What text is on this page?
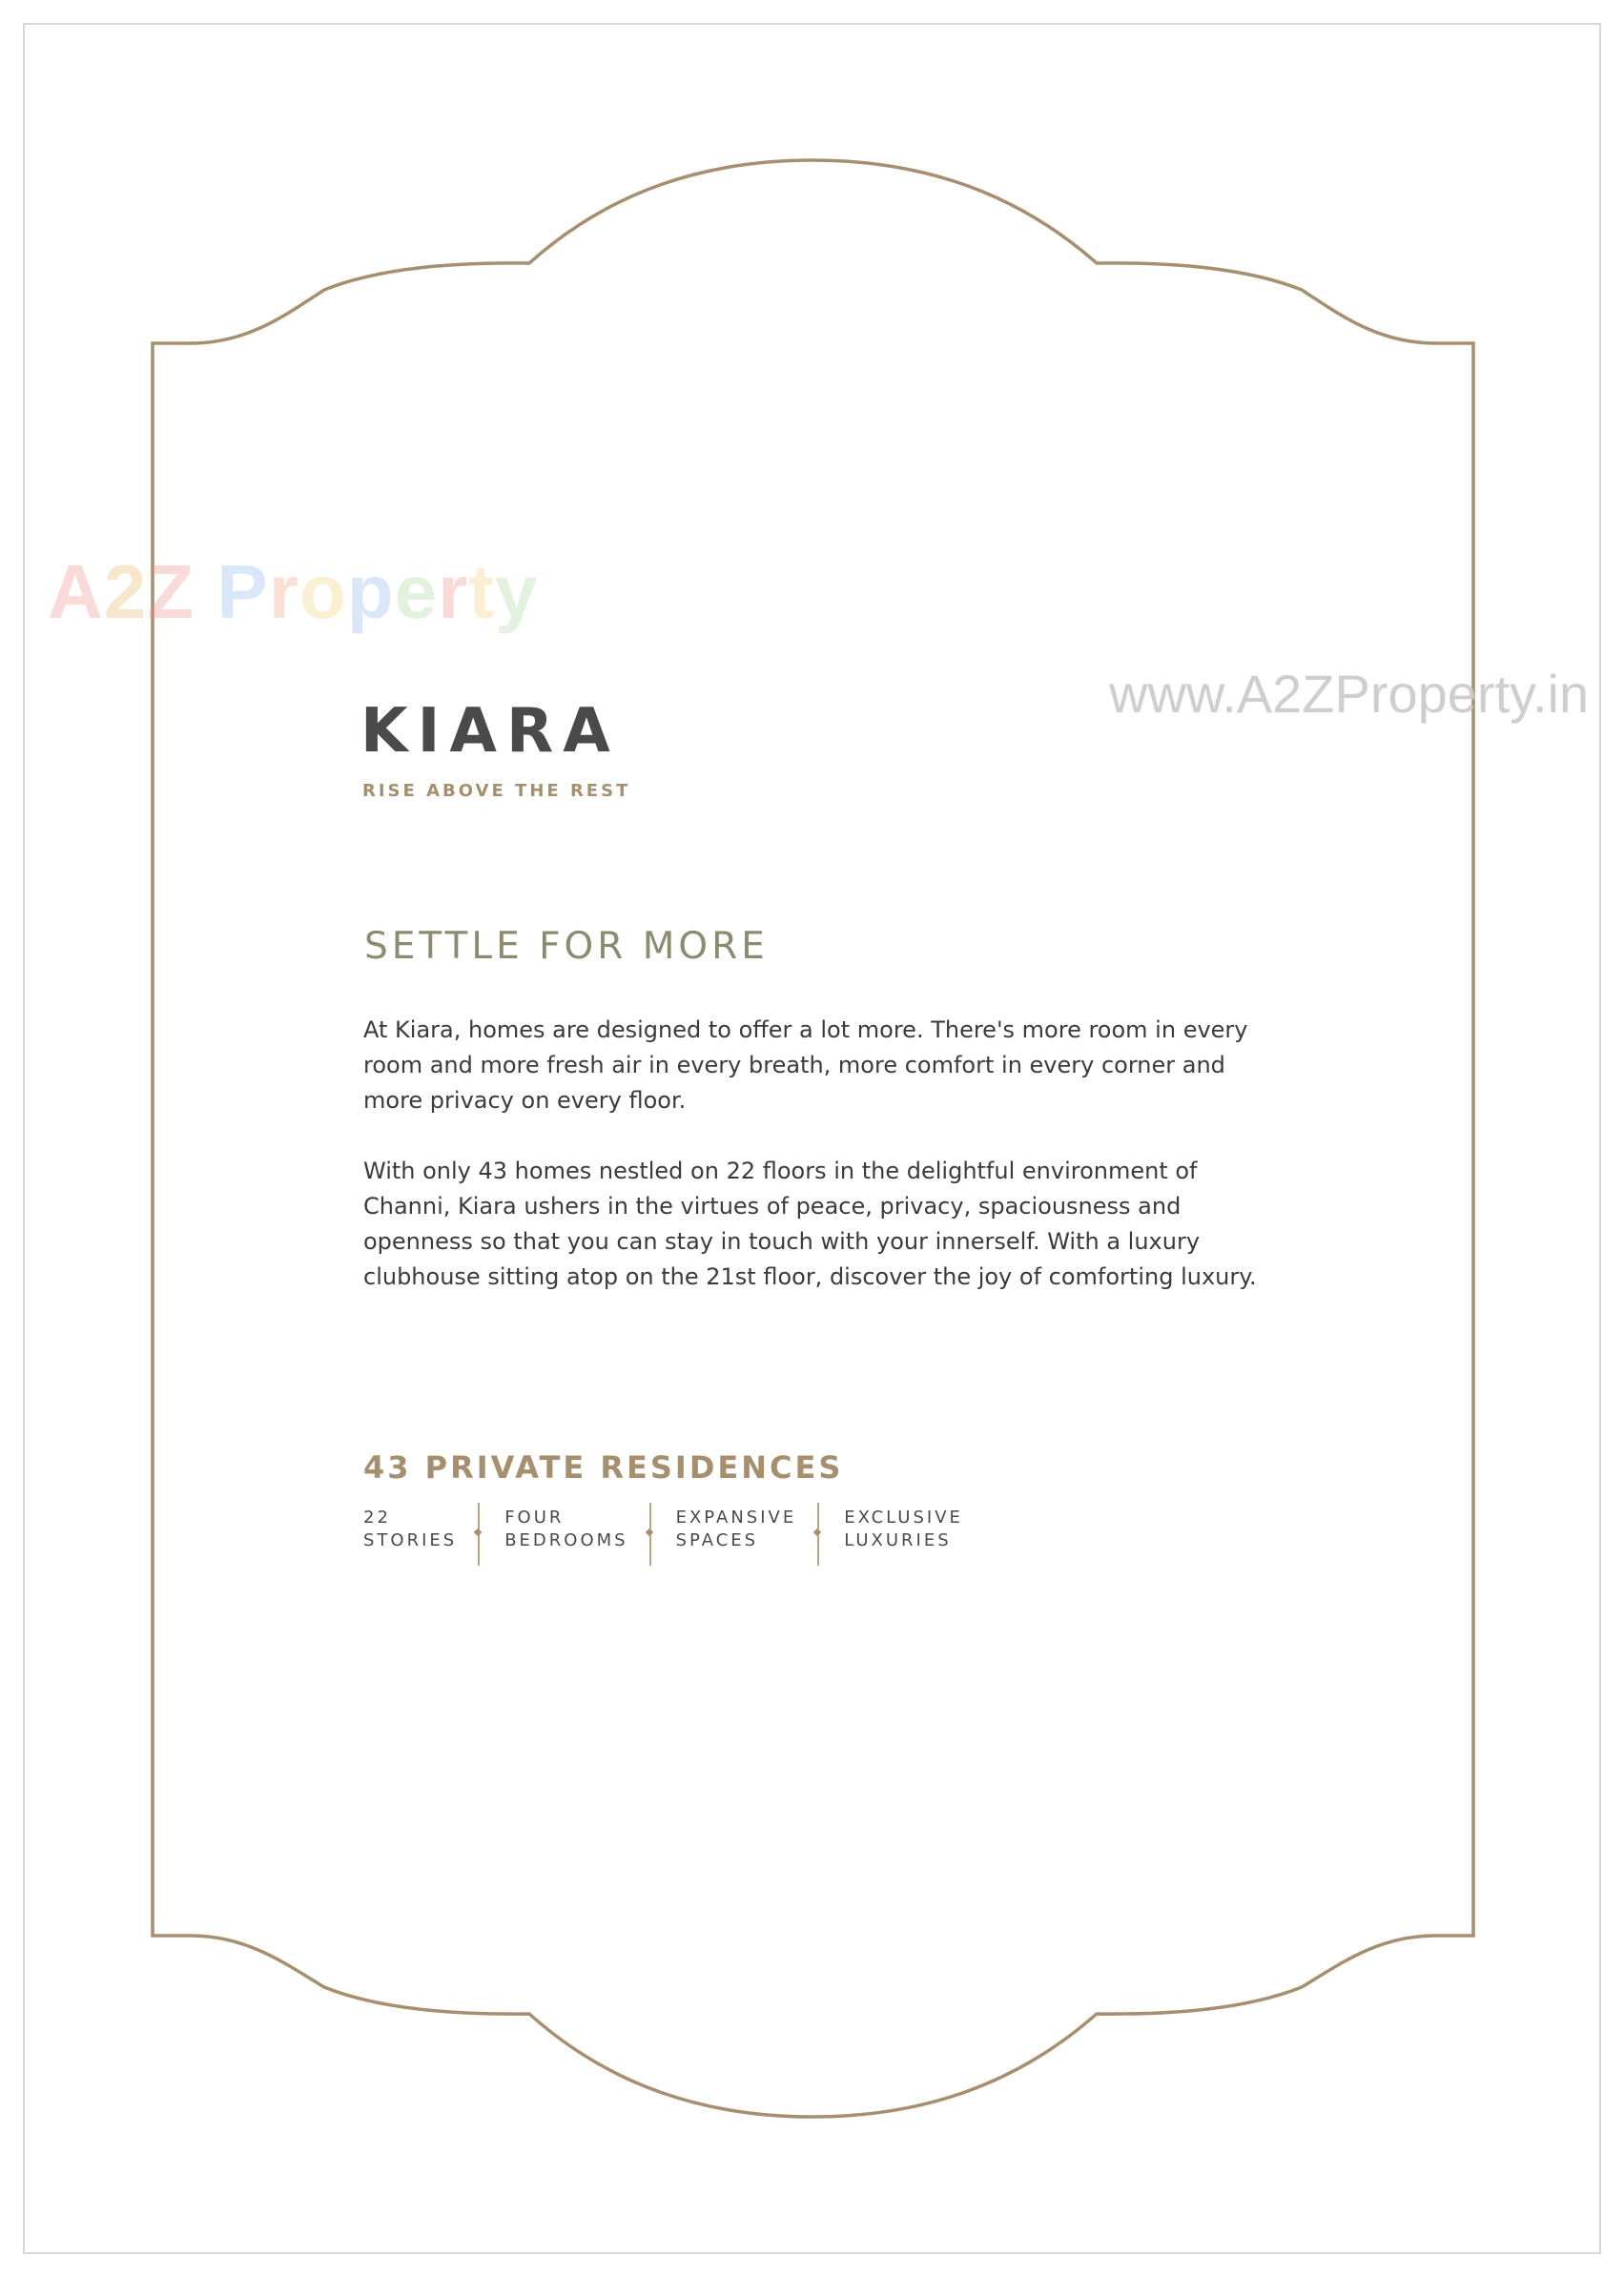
A2Z Property
www.A2ZProperty.in
KIARA
RISE ABOVE THE REST
SETTLE FOR MORE

At Kiara, homes are designed to offer a lot more. There's more room in every room and more fresh air in every breath, more comfort in every corner and more privacy on every floor.

With only 43 homes nestled on 22 floors in the delightful environment of Channi, Kiara ushers in the virtues of peace, privacy, spaciousness and openness so that you can stay in touch with your innerself. With a luxury clubhouse sitting atop on the 21st floor, discover the joy of comforting luxury.

43 PRIVATE RESIDENCES
22
STORIES
FOUR
BEDROOMS
EXPANSIVE
SPACES
EXCLUSIVE
LUXURIES
